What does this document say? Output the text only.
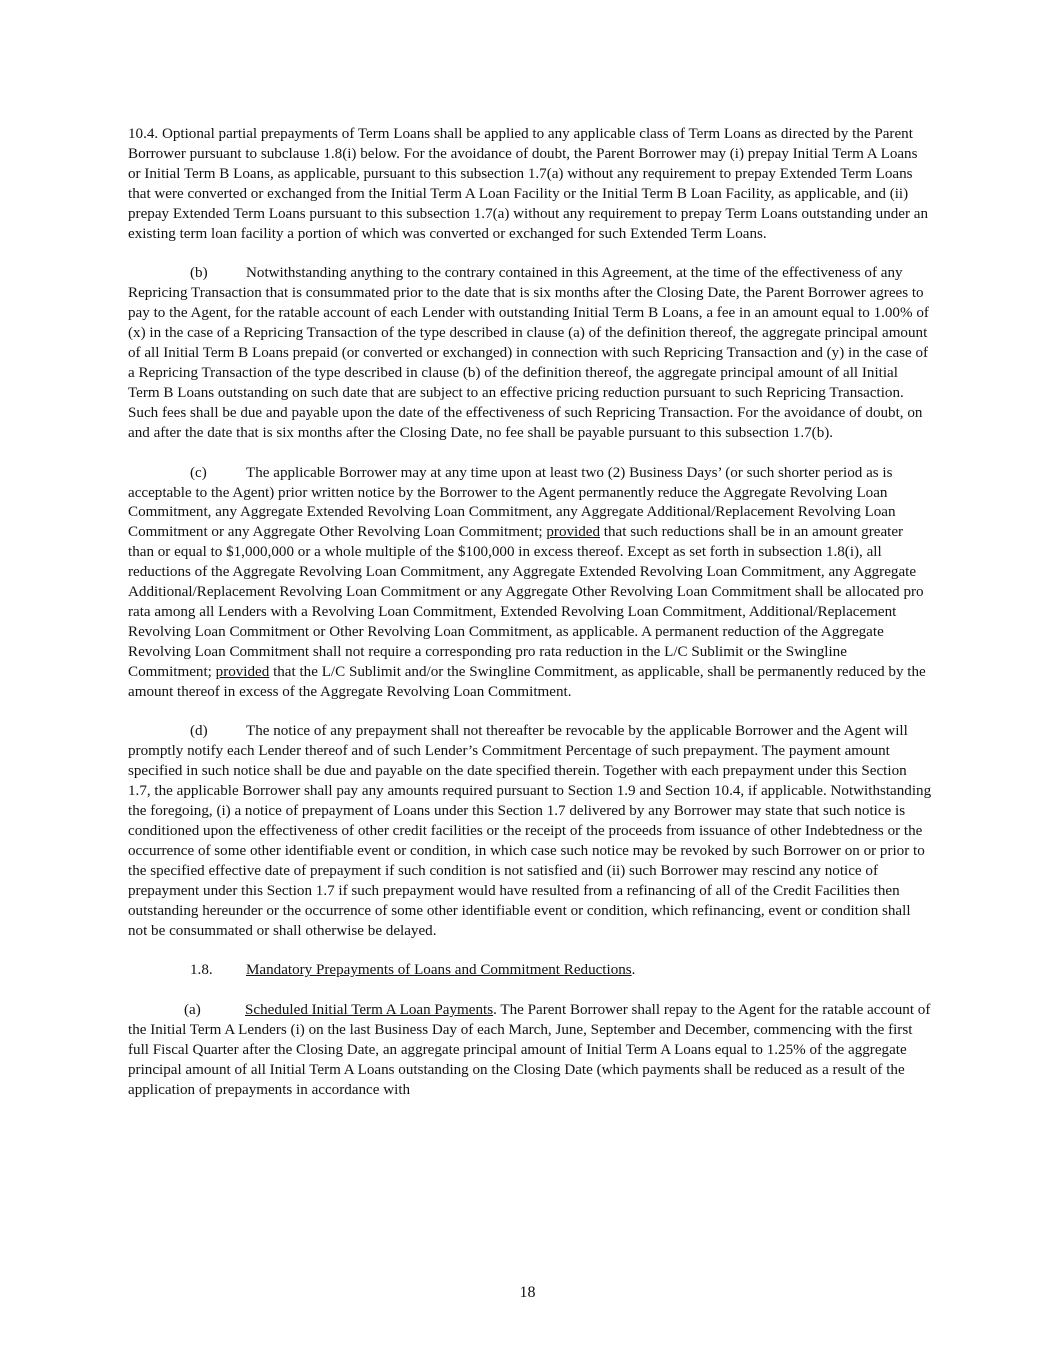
10.4. Optional partial prepayments of Term Loans shall be applied to any applicable class of Term Loans as directed by the Parent Borrower pursuant to subclause 1.8(i) below. For the avoidance of doubt, the Parent Borrower may (i) prepay Initial Term A Loans or Initial Term B Loans, as applicable, pursuant to this subsection 1.7(a) without any requirement to prepay Extended Term Loans that were converted or exchanged from the Initial Term A Loan Facility or the Initial Term B Loan Facility, as applicable, and (ii) prepay Extended Term Loans pursuant to this subsection 1.7(a) without any requirement to prepay Term Loans outstanding under an existing term loan facility a portion of which was converted or exchanged for such Extended Term Loans.

(b)	Notwithstanding anything to the contrary contained in this Agreement, at the time of the effectiveness of any Repricing Transaction that is consummated prior to the date that is six months after the Closing Date, the Parent Borrower agrees to pay to the Agent, for the ratable account of each Lender with outstanding Initial Term B Loans, a fee in an amount equal to 1.00% of (x) in the case of a Repricing Transaction of the type described in clause (a) of the definition thereof, the aggregate principal amount of all Initial Term B Loans prepaid (or converted or exchanged) in connection with such Repricing Transaction and (y) in the case of a Repricing Transaction of the type described in clause (b) of the definition thereof, the aggregate principal amount of all Initial Term B Loans outstanding on such date that are subject to an effective pricing reduction pursuant to such Repricing Transaction. Such fees shall be due and payable upon the date of the effectiveness of such Repricing Transaction. For the avoidance of doubt, on and after the date that is six months after the Closing Date, no fee shall be payable pursuant to this subsection 1.7(b).

(c)	The applicable Borrower may at any time upon at least two (2) Business Days’ (or such shorter period as is acceptable to the Agent) prior written notice by the Borrower to the Agent permanently reduce the Aggregate Revolving Loan Commitment, any Aggregate Extended Revolving Loan Commitment, any Aggregate Additional/Replacement Revolving Loan Commitment or any Aggregate Other Revolving Loan Commitment; provided that such reductions shall be in an amount greater than or equal to $1,000,000 or a whole multiple of the $100,000 in excess thereof. Except as set forth in subsection 1.8(i), all reductions of the Aggregate Revolving Loan Commitment, any Aggregate Extended Revolving Loan Commitment, any Aggregate Additional/Replacement Revolving Loan Commitment or any Aggregate Other Revolving Loan Commitment shall be allocated pro rata among all Lenders with a Revolving Loan Commitment, Extended Revolving Loan Commitment, Additional/Replacement Revolving Loan Commitment or Other Revolving Loan Commitment, as applicable. A permanent reduction of the Aggregate Revolving Loan Commitment shall not require a corresponding pro rata reduction in the L/C Sublimit or the Swingline Commitment; provided that the L/C Sublimit and/or the Swingline Commitment, as applicable, shall be permanently reduced by the amount thereof in excess of the Aggregate Revolving Loan Commitment.

(d)	The notice of any prepayment shall not thereafter be revocable by the applicable Borrower and the Agent will promptly notify each Lender thereof and of such Lender’s Commitment Percentage of such prepayment. The payment amount specified in such notice shall be due and payable on the date specified therein. Together with each prepayment under this Section 1.7, the applicable Borrower shall pay any amounts required pursuant to Section 1.9 and Section 10.4, if applicable. Notwithstanding the foregoing, (i) a notice of prepayment of Loans under this Section 1.7 delivered by any Borrower may state that such notice is conditioned upon the effectiveness of other credit facilities or the receipt of the proceeds from issuance of other Indebtedness or the occurrence of some other identifiable event or condition, in which case such notice may be revoked by such Borrower on or prior to the specified effective date of prepayment if such condition is not satisfied and (ii) such Borrower may rescind any notice of prepayment under this Section 1.7 if such prepayment would have resulted from a refinancing of all of the Credit Facilities then outstanding hereunder or the occurrence of some other identifiable event or condition, which refinancing, event or condition shall not be consummated or shall otherwise be delayed.

1.8. Mandatory Prepayments of Loans and Commitment Reductions.

(a)	Scheduled Initial Term A Loan Payments. The Parent Borrower shall repay to the Agent for the ratable account of the Initial Term A Lenders (i) on the last Business Day of each March, June, September and December, commencing with the first full Fiscal Quarter after the Closing Date, an aggregate principal amount of Initial Term A Loans equal to 1.25% of the aggregate principal amount of all Initial Term A Loans outstanding on the Closing Date (which payments shall be reduced as a result of the application of prepayments in accordance with

18
